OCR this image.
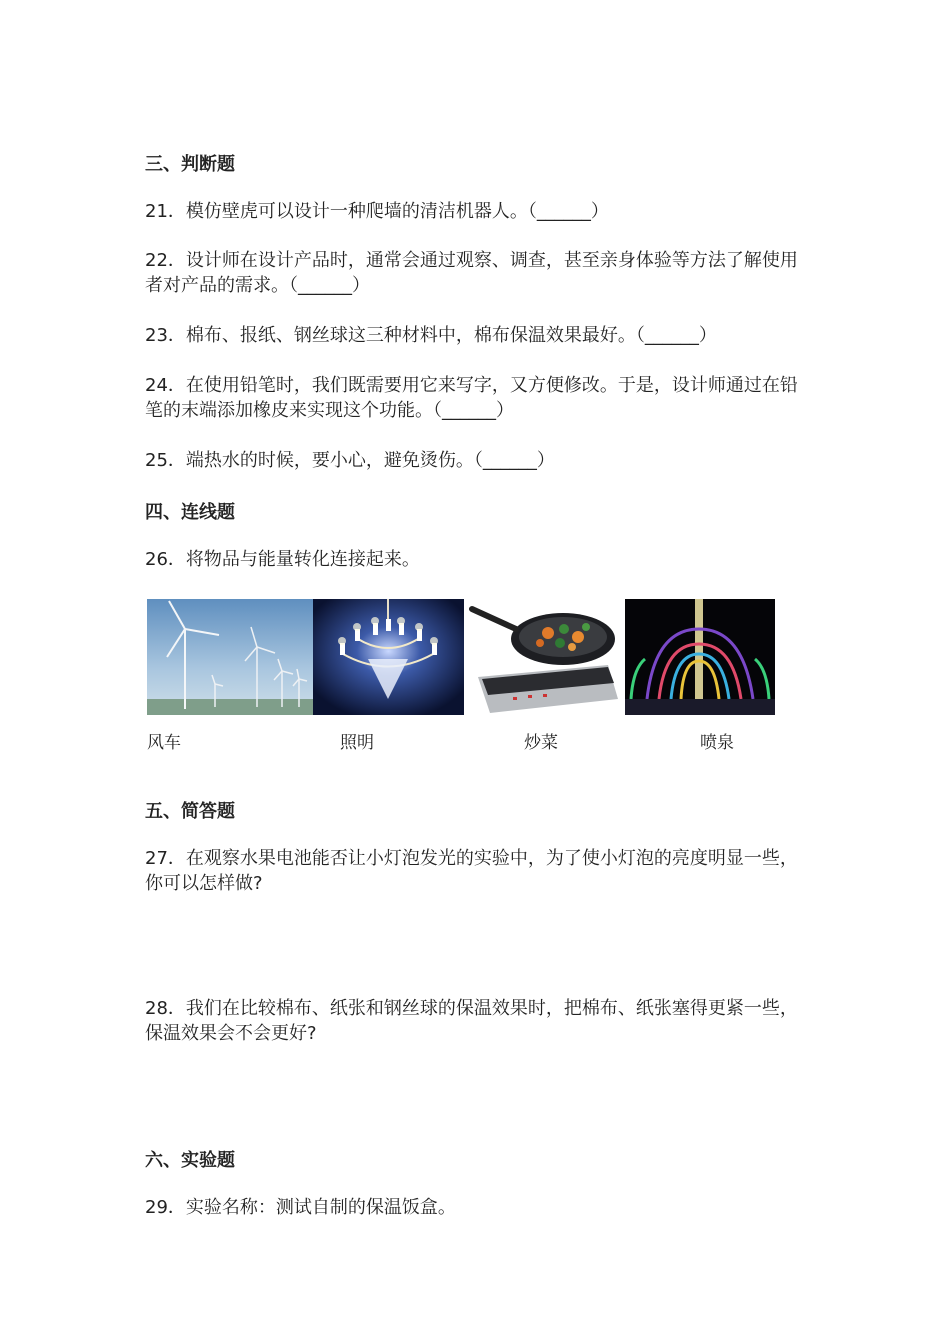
三、判断题
21．模仿壁虎可以设计一种爬墙的清洁机器人。（______）
22．设计师在设计产品时，通常会通过观察、调查，甚至亲身体验等方法了解使用者对产品的需求。（______）
23．棉布、报纸、钢丝球这三种材料中，棉布保温效果最好。（______）
24．在使用铅笔时，我们既需要用它来写字，又方便修改。于是，设计师通过在铅笔的末端添加橡皮来实现这个功能。（______）
25．端热水的时候，要小心，避免烫伤。（______）
四、连线题
26．将物品与能量转化连接起来。
风车	照明	炒菜	喷泉
五、简答题
27．在观察水果电池能否让小灯泡发光的实验中，为了使小灯泡的亮度明显一些，你可以怎样做?
28．我们在比较棉布、纸张和钢丝球的保温效果时，把棉布、纸张塞得更紧一些，保温效果会不会更好?
六、实验题
29．实验名称：测试自制的保温饭盒。
